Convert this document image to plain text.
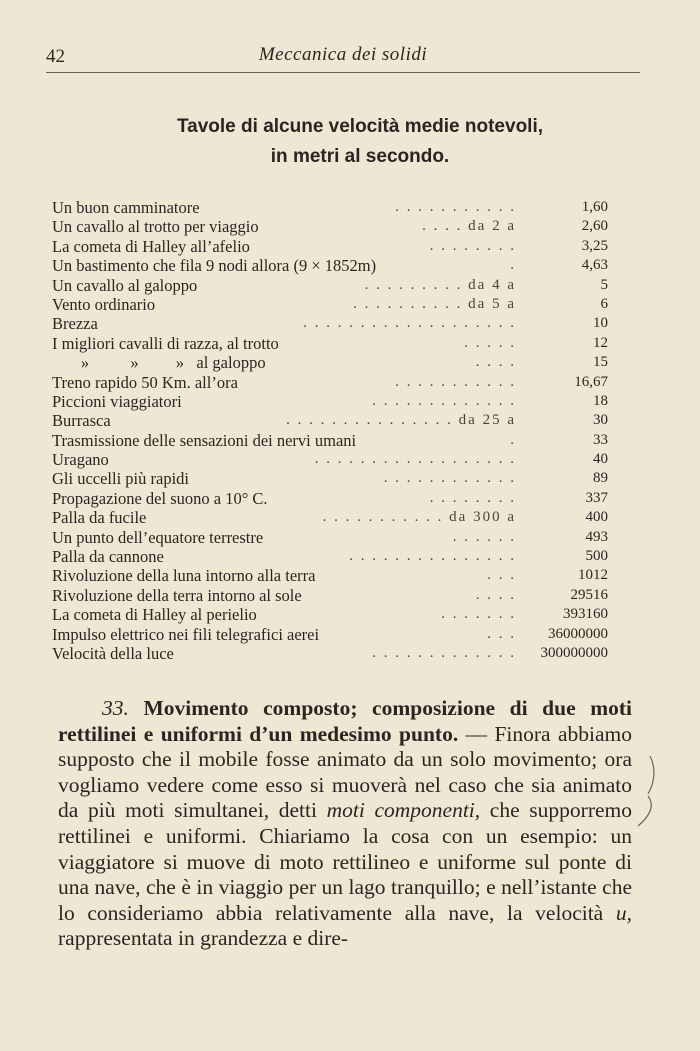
42	Meccanica dei solidi
Tavole di alcune velocità medie notevoli,
in metri al secondo.
Un buon camminatore	. . . . . . . . . . .	1,60
Un cavallo al trotto per viaggio	. . . . da 2 a	2,60
La cometa di Halley all’afelio	. . . . . . . .	3,25
Un bastimento che fila 9 nodi allora (9 × 1852m)	.	4,63
Un cavallo al galoppo	. . . . . . . . . da 4 a	5
Vento ordinario	. . . . . . . . . . da 5 a	6
Brezza	. . . . . . . . . . . . . . . . . . .	10
I migliori cavalli di razza, al trotto	. . . . .	12
»          »         »   al galoppo	. . . .	15
Treno rapido 50 Km. all’ora	. . . . . . . . . . .	16,67
Piccioni viaggiatori	. . . . . . . . . . . . .	18
Burrasca	. . . . . . . . . . . . . . . da 25 a	30
Trasmissione delle sensazioni dei nervi umani	.	33
Uragano	. . . . . . . . . . . . . . . . . .	40
Gli uccelli più rapidi	. . . . . . . . . . . .	89
Propagazione del suono a 10° C.	. . . . . . . .	337
Palla da fucile	. . . . . . . . . . . da 300 a	400
Un punto dell’equatore terrestre	. . . . . .	493
Palla da cannone	. . . . . . . . . . . . . . .	500
Rivoluzione della luna intorno alla terra	. . .	1012
Rivoluzione della terra intorno al sole	. . . .	29516
La cometa di Halley al perielio	. . . . . . .	393160
Impulso elettrico nei fili telegrafici aerei	. . . 36000000
Velocità della luce	. . . . . . . . . . . . . 300000000

33. Movimento composto; composizione di due moti rettilinei e uniformi d’un medesimo punto. — Finora abbiamo supposto che il mobile fosse animato da un solo movimento; ora vogliamo vedere come esso si muoverà nel caso che sia animato da più moti simultanei, detti moti componenti, che supporremo rettilinei e uniformi. Chiariamo la cosa con un esempio: un viaggiatore si muove di moto rettilineo e uniforme sul ponte di una nave, che è in viaggio per un lago tranquillo; e nell’istante che lo consideriamo abbia relativamente alla nave, la velocità u, rappresentata in grandezza e dire-
